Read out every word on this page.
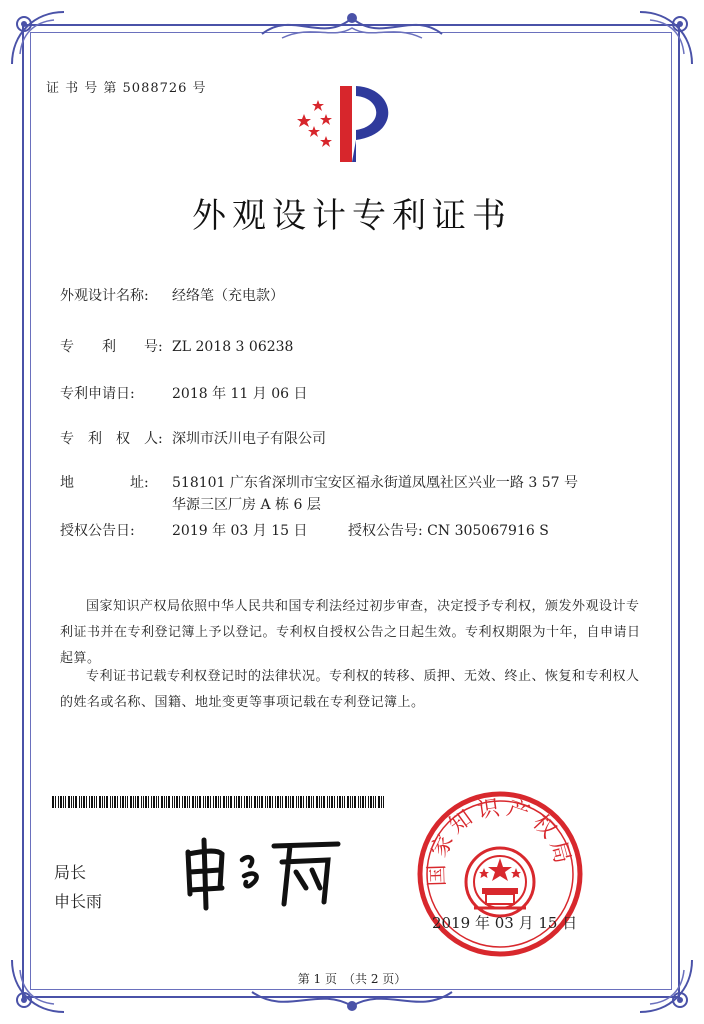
证 书 号 第 5088726 号
外观设计专利证书
外观设计名称: 经络笔（充电款）
专　　利　　号: ZL 2018 3 06238
专利申请日:	2018 年 11 月 06 日
专　利　权　人: 深圳市沃川电子有限公司
地　　　　址: 518101 广东省深圳市宝安区福永街道凤凰社区兴业一路 3 57 号华源三区厂房 A 栋 6 层
授权公告日:	2019 年 03 月 15 日	授权公告号: CN 305067916 S
国家知识产权局依照中华人民共和国专利法经过初步审查，决定授予专利权，颁发外观设计专利证书并在专利登记簿上予以登记。专利权自授权公告之日起生效。专利权期限为十年，自申请日起算。
专利证书记载专利权登记时的法律状况。专利权的转移、质押、无效、终止、恢复和专利权人的姓名或名称、国籍、地址变更等事项记载在专利登记簿上。
局长
申长雨
国家知识产权局
2019 年 03 月 15 日
第 1 页　（共 2 页）
